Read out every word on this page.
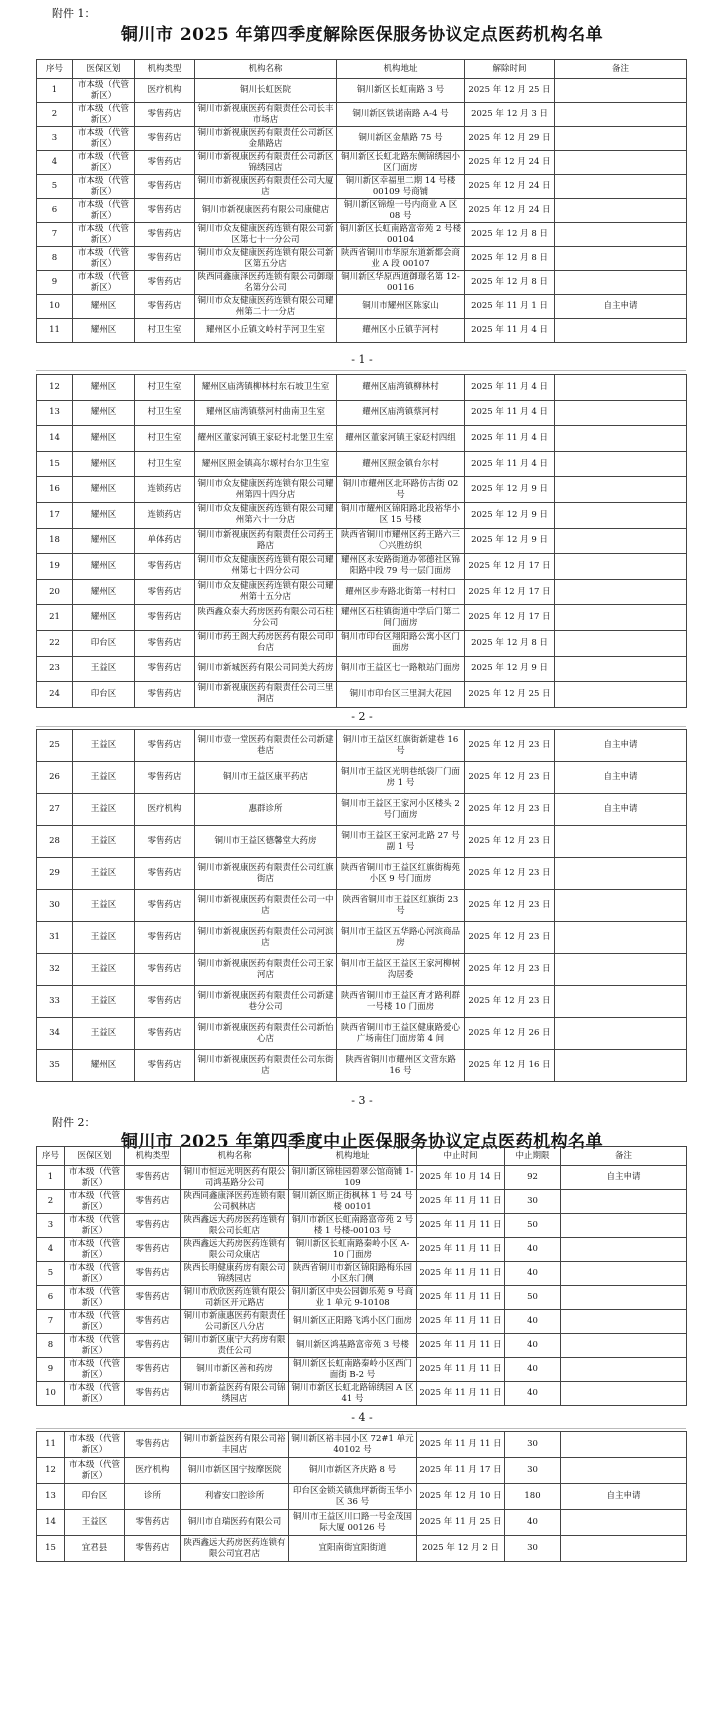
附件 1：
铜川市 2025 年第四季度解除医保服务协议定点医药机构名单
序号	医保区划	机构类型	机构名称	机构地址	解除时间	备注
1	市本级（代管新区）	医疗机构	铜川长虹医院	铜川新区长虹南路 3 号	2025 年 12 月 25 日	
2	市本级（代管新区）	零售药店	铜川市新视康医药有限责任公司长丰市场店	铜川新区铁诺南路 A-4 号	2025 年 12 月 3 日	
3	市本级（代管新区）	零售药店	铜川市新视康医药有限责任公司新区金鼎路店	铜川新区金鼎路 75 号	2025 年 12 月 29 日	
4	市本级（代管新区）	零售药店	铜川市新视康医药有限责任公司新区锦绣园店	铜川新区长虹北路东侧锦绣园小区门面房	2025 年 12 月 24 日	
5	市本级（代管新区）	零售药店	铜川市新视康医药有限责任公司大厦店	铜川新区幸福里二期 14 号楼 00109 号商铺	2025 年 12 月 24 日	
6	市本级（代管新区）	零售药店	铜川市新视康医药有限公司康健店	铜川新区锦煌一号内商业 A 区 08 号	2025 年 12 月 24 日	
7	市本级（代管新区）	零售药店	铜川市众友健康医药连锁有限公司新区第七十一分公司	铜川新区长虹南路富帝苑 2 号楼 00104	2025 年 12 月 8 日	
8	市本级（代管新区）	零售药店	铜川市众友健康医药连锁有限公司新区第五分店	陕西省铜川市华原东道新都会商业 A 段 00107	2025 年 12 月 8 日	
9	市本级（代管新区）	零售药店	陕西同鑫康泽医药连锁有限公司御璟名第分公司	铜川新区华原西道御璟名第 12-00116	2025 年 12 月 8 日	
10	耀州区	零售药店	铜川市众友健康医药连锁有限公司耀州第二十一分店	铜川市耀州区陈家山	2025 年 11 月 1 日	自主申请
11	耀州区	村卫生室	耀州区小丘镇文岭村芋河卫生室	耀州区小丘镇芋河村	2025 年 11 月 4 日	
- 1 -
12	耀州区	村卫生室	耀州区庙湾镇柳林村东石坡卫生室	耀州区庙湾镇柳林村	2025 年 11 月 4 日	
13	耀州区	村卫生室	耀州区庙湾镇蔡河村曲南卫生室	耀州区庙湾镇蔡河村	2025 年 11 月 4 日	
14	耀州区	村卫生室	耀州区董家河镇王家砭村北堡卫生室	耀州区董家河镇王家砭村四组	2025 年 11 月 4 日	
15	耀州区	村卫生室	耀州区照金镇高尔塬村台尔卫生室	耀州区照金镇台尔村	2025 年 11 月 4 日	
16	耀州区	连锁药店	铜川市众友健康医药连锁有限公司耀州第四十四分店	铜川市耀州区北环路仿古街 02 号	2025 年 12 月 9 日	
17	耀州区	连锁药店	铜川市众友健康医药连锁有限公司耀州第六十一分店	铜川市耀州区锦阳路北段裕华小区 15 号楼	2025 年 12 月 9 日	
18	耀州区	单体药店	铜川市新视康医药有限责任公司药王路店	陕西省铜川市耀州区药王路六三〇兴胜纺织	2025 年 12 月 9 日	
19	耀州区	零售药店	铜川市众友健康医药连锁有限公司耀州第七十四分公司	耀州区永安路街道办邻德社区锦阳路中段 79 号一层门面房	2025 年 12 月 17 日	
20	耀州区	零售药店	铜川市众友健康医药连锁有限公司耀州第十五分店	耀州区步寿路北街第一村村口	2025 年 12 月 17 日	
21	耀州区	零售药店	陕西鑫众泰大药房医药有限公司石柱分公司	耀州区石柱镇街道中学后门第二间门面房	2025 年 12 月 17 日	
22	印台区	零售药店	铜川市药王阁大药房医药有限公司印台店	铜川市印台区翔阳路公寓小区门面房	2025 年 12 月 8 日	
23	王益区	零售药店	铜川市新城医药有限公司同美大药房	铜川市王益区七一路粮站门面房	2025 年 12 月 9 日	
24	印台区	零售药店	铜川市新视康医药有限责任公司三里洞店	铜川市印台区三里洞大花园	2025 年 12 月 25 日	
- 2 -
25	王益区	零售药店	铜川市壹一堂医药有限责任公司新建巷店	铜川市王益区红旗街新建巷 16 号	2025 年 12 月 23 日	自主申请
26	王益区	零售药店	铜川市王益区康平药店	铜川市王益区光明巷纸袋厂门面房 1 号	2025 年 12 月 23 日	自主申请
27	王益区	医疗机构	惠群诊所	铜川市王益区王家河小区楼头 2 号门面房	2025 年 12 月 23 日	自主申请
28	王益区	零售药店	铜川市王益区德馨堂大药房	铜川市王益区王家河北路 27 号副 1 号	2025 年 12 月 23 日	
29	王益区	零售药店	铜川市新视康医药有限责任公司红旗街店	陕西省铜川市王益区红旗街梅苑小区 9 号门面房	2025 年 12 月 23 日	
30	王益区	零售药店	铜川市新视康医药有限责任公司一中店	陕西省铜川市王益区红旗街 23 号	2025 年 12 月 23 日	
31	王益区	零售药店	铜川市新视康医药有限责任公司河滨店	铜川市王益区五华路心河滨商品房	2025 年 12 月 23 日	
32	王益区	零售药店	铜川市新视康医药有限责任公司王家河店	铜川市王益区王益区王家河柳树沟居委	2025 年 12 月 23 日	
33	王益区	零售药店	铜川市新视康医药有限责任公司新建巷分公司	陕西省铜川市王益区育才路利群一号楼 10 门面房	2025 年 12 月 23 日	
34	王益区	零售药店	铜川市新视康医药有限责任公司新怡心店	陕西省铜川市王益区健康路爱心广场南住门面房第 4 间	2025 年 12 月 26 日	
35	耀州区	零售药店	铜川市新视康医药有限责任公司东街店	陕西省铜川市耀州区文营东路 16 号	2025 年 12 月 16 日	
- 3 -
附件 2：
铜川市 2025 年第四季度中止医保服务协议定点医药机构名单
序号	医保区划	机构类型	机构名称	机构地址	中止时间	中止期限	备注
1	市本级（代管新区）	零售药店	铜川市恒远光明医药有限公司鸿基路分公司	铜川新区锦桂园碧翠公馆商铺 1-109	2025 年 10 月 14 日	92	自主申请
2	市本级（代管新区）	零售药店	陕西同鑫康泽医药连锁有限公司枫林店	铜川新区斯正街枫林 1 号 24 号楼 00101	2025 年 11 月 11 日	30	
3	市本级（代管新区）	零售药店	陕西鑫远大药房医药连锁有限公司长虹店	铜川市新区长虹南路富帝苑 2 号楼 1 号楼-00103 号	2025 年 11 月 11 日	50	
4	市本级（代管新区）	零售药店	陕西鑫远大药房医药连锁有限公司众康店	铜川新区长虹南路秦岭小区 A-10 门面房	2025 年 11 月 11 日	40	
5	市本级（代管新区）	零售药店	陕西长明健康药房有限公司锦绣园店	陕西省铜川市新区锦阳路梅乐园小区东门侧	2025 年 11 月 11 日	40	
6	市本级（代管新区）	零售药店	铜川市欣欣医药连锁有限公司新区开元路店	铜川新区中央公园御乐苑 9 号商业 1 单元 9-10108	2025 年 11 月 11 日	50	
7	市本级（代管新区）	零售药店	铜川市新康惠医药有限责任公司新区八分店	铜川新区正阳路飞鸿小区门面房	2025 年 11 月 11 日	40	
8	市本级（代管新区）	零售药店	铜川市新区康宁大药房有限责任公司	铜川新区鸿基路富帝苑 3 号楼	2025 年 11 月 11 日	40	
9	市本级（代管新区）	零售药店	铜川市新区善和药房	铜川新区长虹南路秦岭小区西门面街 B-2 号	2025 年 11 月 11 日	40	
10	市本级（代管新区）	零售药店	铜川市新益医药有限公司锦绣园店	铜川市新区长虹北路锦绣园 A 区 41 号	2025 年 11 月 11 日	40	
- 4 -
11	市本级（代管新区）	零售药店	铜川市新益医药有限公司裕丰园店	铜川新区裕丰园小区 72#1 单元 40102 号	2025 年 11 月 11 日	30	
12	市本级（代管新区）	医疗机构	铜川市新区国宁按摩医院	铜川市新区齐庆路 8 号	2025 年 11 月 17 日	30	
13	印台区	诊所	利睿安口腔诊所	印台区金锁关镇焦坪新街玉华小区 36 号	2025 年 12 月 10 日	180	自主申请
14	王益区	零售药店	铜川市自瑞医药有限公司	铜川市王益区川口路一号金茂国际大厦 00126 号	2025 年 11 月 25 日	40	
15	宜君县	零售药店	陕西鑫远大药房医药连锁有限公司宜君店	宜阳南街宜阳街道	2025 年 12 月 2 日	30	
